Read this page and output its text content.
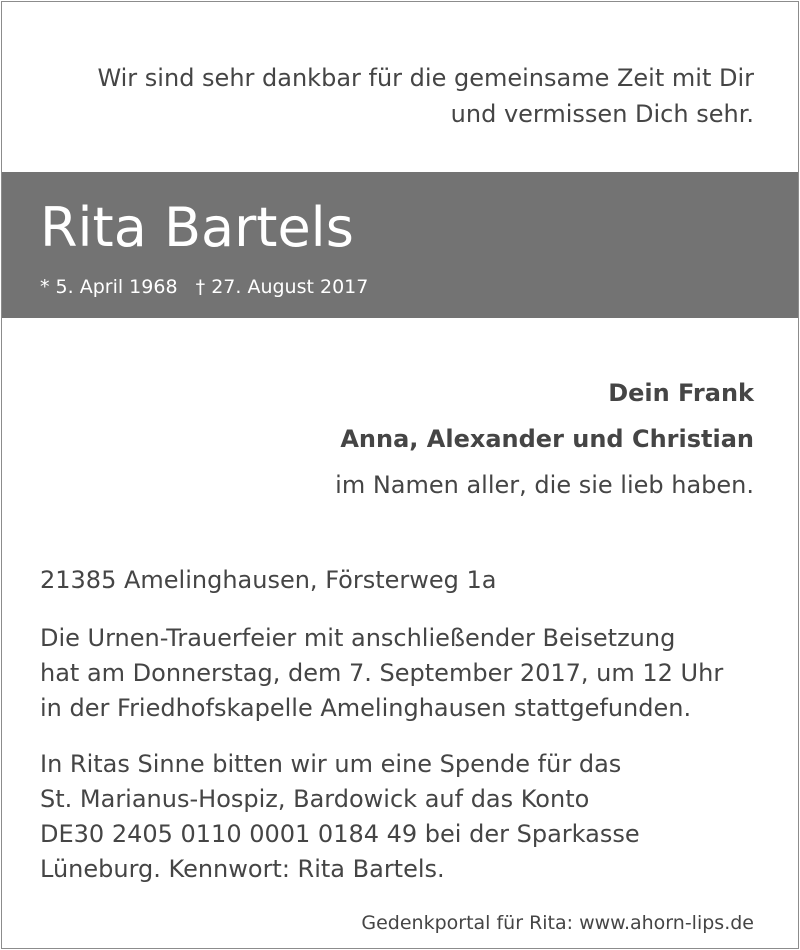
Wir sind sehr dankbar für die gemeinsame Zeit mit Dir
und vermissen Dich sehr.
Rita Bartels
* 5. April 1968 † 27. August 2017
Dein Frank
Anna, Alexander und Christian
im Namen aller, die sie lieb haben.
21385 Amelinghausen, Försterweg 1a
Die Urnen-Trauerfeier mit anschließender Beisetzung
hat am Donnerstag, dem 7. September 2017, um 12 Uhr
in der Friedhofskapelle Amelinghausen stattgefunden.
In Ritas Sinne bitten wir um eine Spende für das
St. Marianus-Hospiz, Bardowick auf das Konto
DE30 2405 0110 0001 0184 49 bei der Sparkasse
Lüneburg. Kennwort: Rita Bartels.
Gedenkportal für Rita: www.ahorn-lips.de
